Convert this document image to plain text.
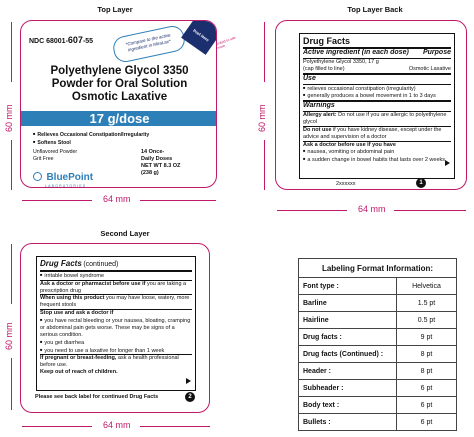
Top Layer
60 mm
NDC 68001-607-55	*Compare to the active ingredient in MiraLax*
Peel Here
Polyethylene Glycol 3350
Powder for Oral Solution
Osmotic Laxative
17 g/dose
■ Relieves Occasional Constipation/Irregularity
■ Softens Stool
Unflavored Powder
Grit Free
14 Once-
Daily Doses
NET WT 8.3 OZ
(238 g)
BluePoint
LABORATORIES
Unfold to see more
64 mm
Top Layer Back
60 mm
Drug Facts
Active ingredient (in each dose) Purpose
Polyethylene Glycol 3350, 17 g
(cap filled to line)	Osmotic Laxative
Use
■ relieves occasional constipation (irregularity)
■ generally produces a bowel movement in 1 to 3 days
Warnings
Allergy alert: Do not use if you are allergic to polyethylene glycol
Do not use if you have kidney disease, except under the advice and supervision of a doctor
Ask a doctor before use if you have
■ nausea, vomiting or abdominal pain
■ a sudden change in bowel habits that lasts over 2 weeks
2xxxxxx	1
64 mm
Second Layer
60 mm
Drug Facts (continued)
■ irritable bowel syndrome
Ask a doctor or pharmacist before use if you are taking a prescription drug
When using this product you may have loose, watery, more frequent stools
Stop use and ask a doctor if
■ you have rectal bleeding or your nausea, bloating, cramping or abdominal pain gets worse. These may be signs of a serious condition.
■ you get diarrhea
■ you need to use a laxative for longer than 1 week
If pregnant or breast-feeding, ask a health professional before use.
Keep out of reach of children.
Please see back label for continued Drug Facts	2
64 mm
Labeling Format Information:	
Font type :	Helvetica
Barline	1.5 pt
Hairline	0.5 pt
Drug facts :	9 pt
Drug facts (Continued) :	8 pt
Header :	8 pt
Subheader :	6 pt
Body text :	6 pt
Bullets :	6 pt
